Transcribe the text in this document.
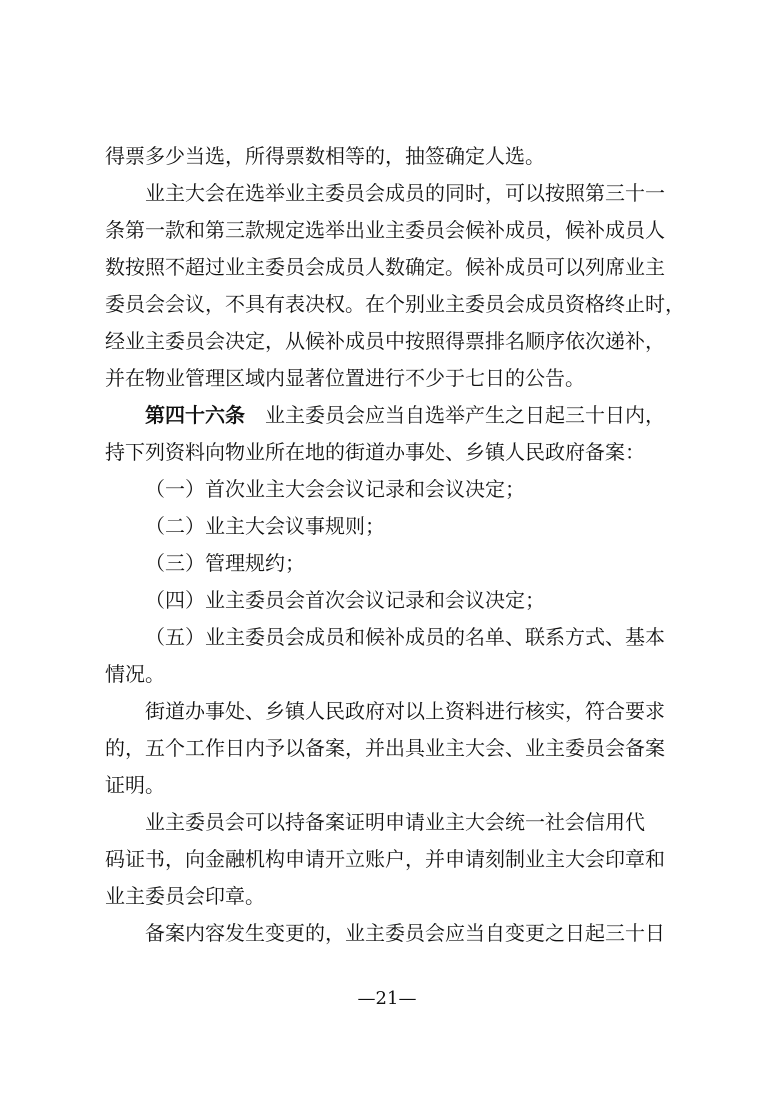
得票多少当选，所得票数相等的，抽签确定人选。
业主大会在选举业主委员会成员的同时，可以按照第三十一
条第一款和第三款规定选举出业主委员会候补成员，候补成员人
数按照不超过业主委员会成员人数确定。候补成员可以列席业主
委员会会议，不具有表决权。在个别业主委员会成员资格终止时，
经业主委员会决定，从候补成员中按照得票排名顺序依次递补，
并在物业管理区域内显著位置进行不少于七日的公告。
第四十六条 业主委员会应当自选举产生之日起三十日内，
持下列资料向物业所在地的街道办事处、乡镇人民政府备案：
（一）首次业主大会会议记录和会议决定；
（二）业主大会议事规则；
（三）管理规约；
（四）业主委员会首次会议记录和会议决定；
（五）业主委员会成员和候补成员的名单、联系方式、基本
情况。
街道办事处、乡镇人民政府对以上资料进行核实，符合要求
的，五个工作日内予以备案，并出具业主大会、业主委员会备案
证明。
业主委员会可以持备案证明申请业主大会统一社会信用代
码证书，向金融机构申请开立账户，并申请刻制业主大会印章和
业主委员会印章。
备案内容发生变更的，业主委员会应当自变更之日起三十日
—21—
